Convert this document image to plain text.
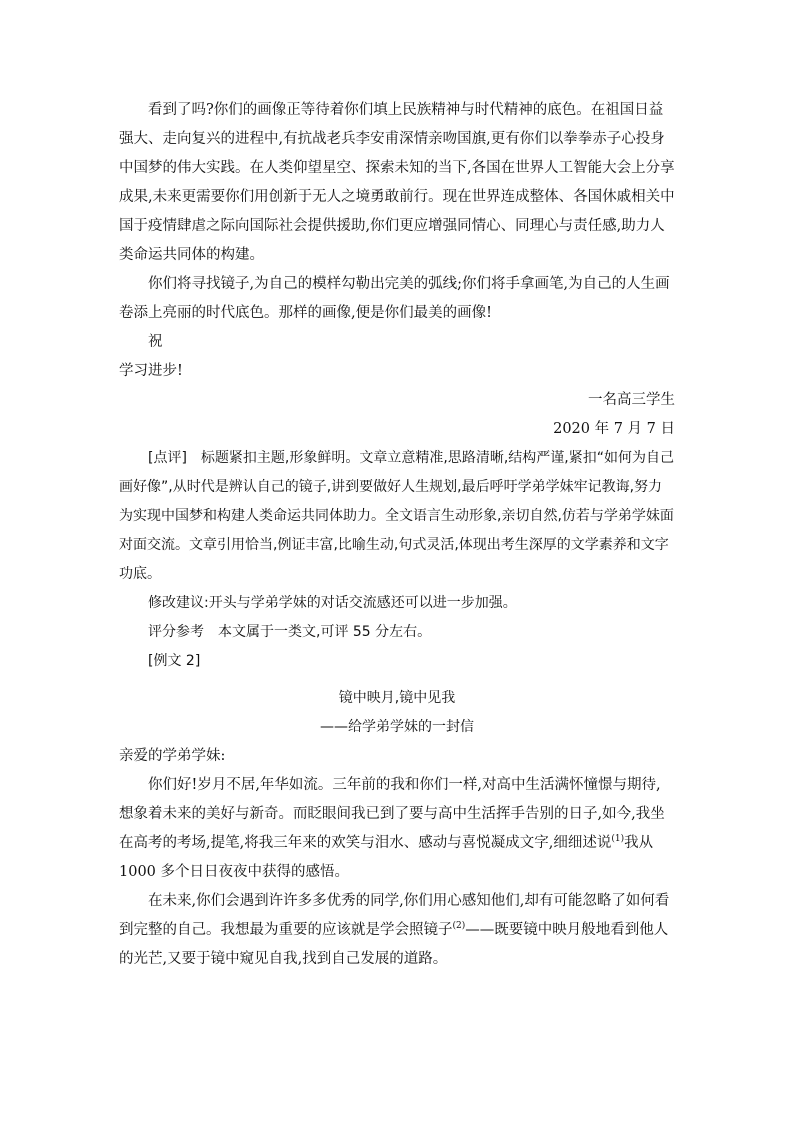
看到了吗?你们的画像正等待着你们填上民族精神与时代精神的底色。在祖国日益强大、走向复兴的进程中,有抗战老兵李安甫深情亲吻国旗,更有你们以拳拳赤子心投身中国梦的伟大实践。在人类仰望星空、探索未知的当下,各国在世界人工智能大会上分享成果,未来更需要你们用创新于无人之境勇敢前行。现在世界连成整体、各国休戚相关中国于疫情肆虐之际向国际社会提供援助,你们更应增强同情心、同理心与责任感,助力人类命运共同体的构建。

你们将寻找镜子,为自己的模样勾勒出完美的弧线;你们将手拿画笔,为自己的人生画卷添上亮丽的时代底色。那样的画像,便是你们最美的画像!

祝

学习进步!

一名高三学生

2020 年 7 月 7 日

[点评]　标题紧扣主题,形象鲜明。文章立意精准,思路清晰,结构严谨,紧扣“如何为自己画好像”,从时代是辨认自己的镜子,讲到要做好人生规划,最后呼吁学弟学妹牢记教诲,努力为实现中国梦和构建人类命运共同体助力。全文语言生动形象,亲切自然,仿若与学弟学妹面对面交流。文章引用恰当,例证丰富,比喻生动,句式灵活,体现出考生深厚的文学素养和文字功底。

修改建议:开头与学弟学妹的对话交流感还可以进一步加强。

评分参考　本文属于一类文,可评 55 分左右。

[例文 2]

镜中映月,镜中见我

——给学弟学妹的一封信

亲爱的学弟学妹:

你们好!岁月不居,年华如流。三年前的我和你们一样,对高中生活满怀憧憬与期待,想象着未来的美好与新奇。而眨眼间我已到了要与高中生活挥手告别的日子,如今,我坐在高考的考场,提笔,将我三年来的欢笑与泪水、感动与喜悦凝成文字,细细述说$^{(1)}$我从 1000 多个日日夜夜中获得的感悟。

在未来,你们会遇到许许多多优秀的同学,你们用心感知他们,却有可能忽略了如何看到完整的自己。我想最为重要的应该就是学会照镜子$^{(2)}$——既要镜中映月般地看到他人的光芒,又要于镜中窥见自我,找到自己发展的道路。
